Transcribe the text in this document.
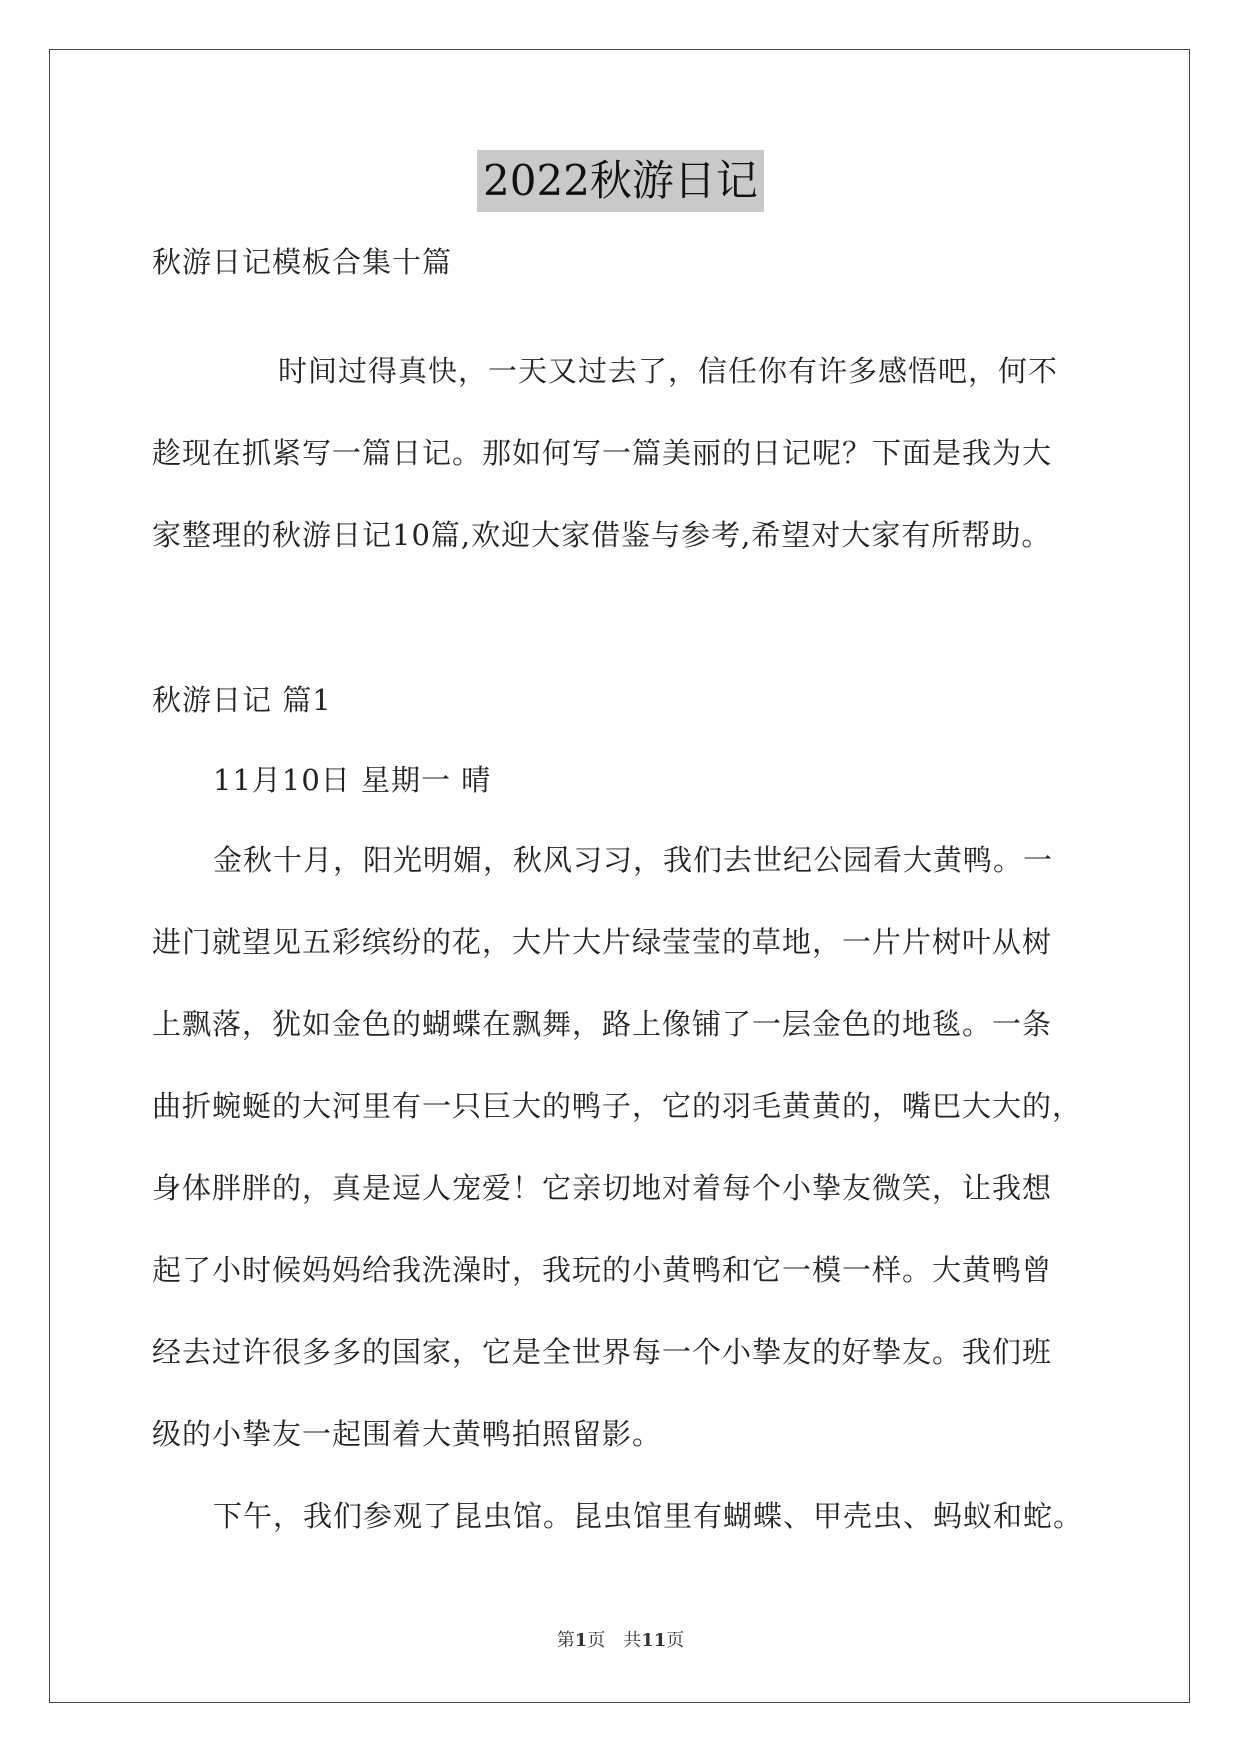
2022秋游日记
秋游日记模板合集十篇
时间过得真快，一天又过去了，信任你有许多感悟吧，何不
趁现在抓紧写一篇日记。那如何写一篇美丽的日记呢？下面是我为大
家整理的秋游日记10篇,欢迎大家借鉴与参考,希望对大家有所帮助。
秋游日记 篇1
11月10日 星期一 晴
金秋十月，阳光明媚，秋风习习，我们去世纪公园看大黄鸭。一
进门就望见五彩缤纷的花，大片大片绿莹莹的草地，一片片树叶从树
上飘落，犹如金色的蝴蝶在飘舞，路上像铺了一层金色的地毯。一条
曲折蜿蜒的大河里有一只巨大的鸭子，它的羽毛黄黄的，嘴巴大大的，
身体胖胖的，真是逗人宠爱！它亲切地对着每个小挚友微笑，让我想
起了小时候妈妈给我洗澡时，我玩的小黄鸭和它一模一样。大黄鸭曾
经去过许很多多的国家，它是全世界每一个小挚友的好挚友。我们班
级的小挚友一起围着大黄鸭拍照留影。
下午，我们参观了昆虫馆。昆虫馆里有蝴蝶、甲壳虫、蚂蚁和蛇。
第1页　共11页
